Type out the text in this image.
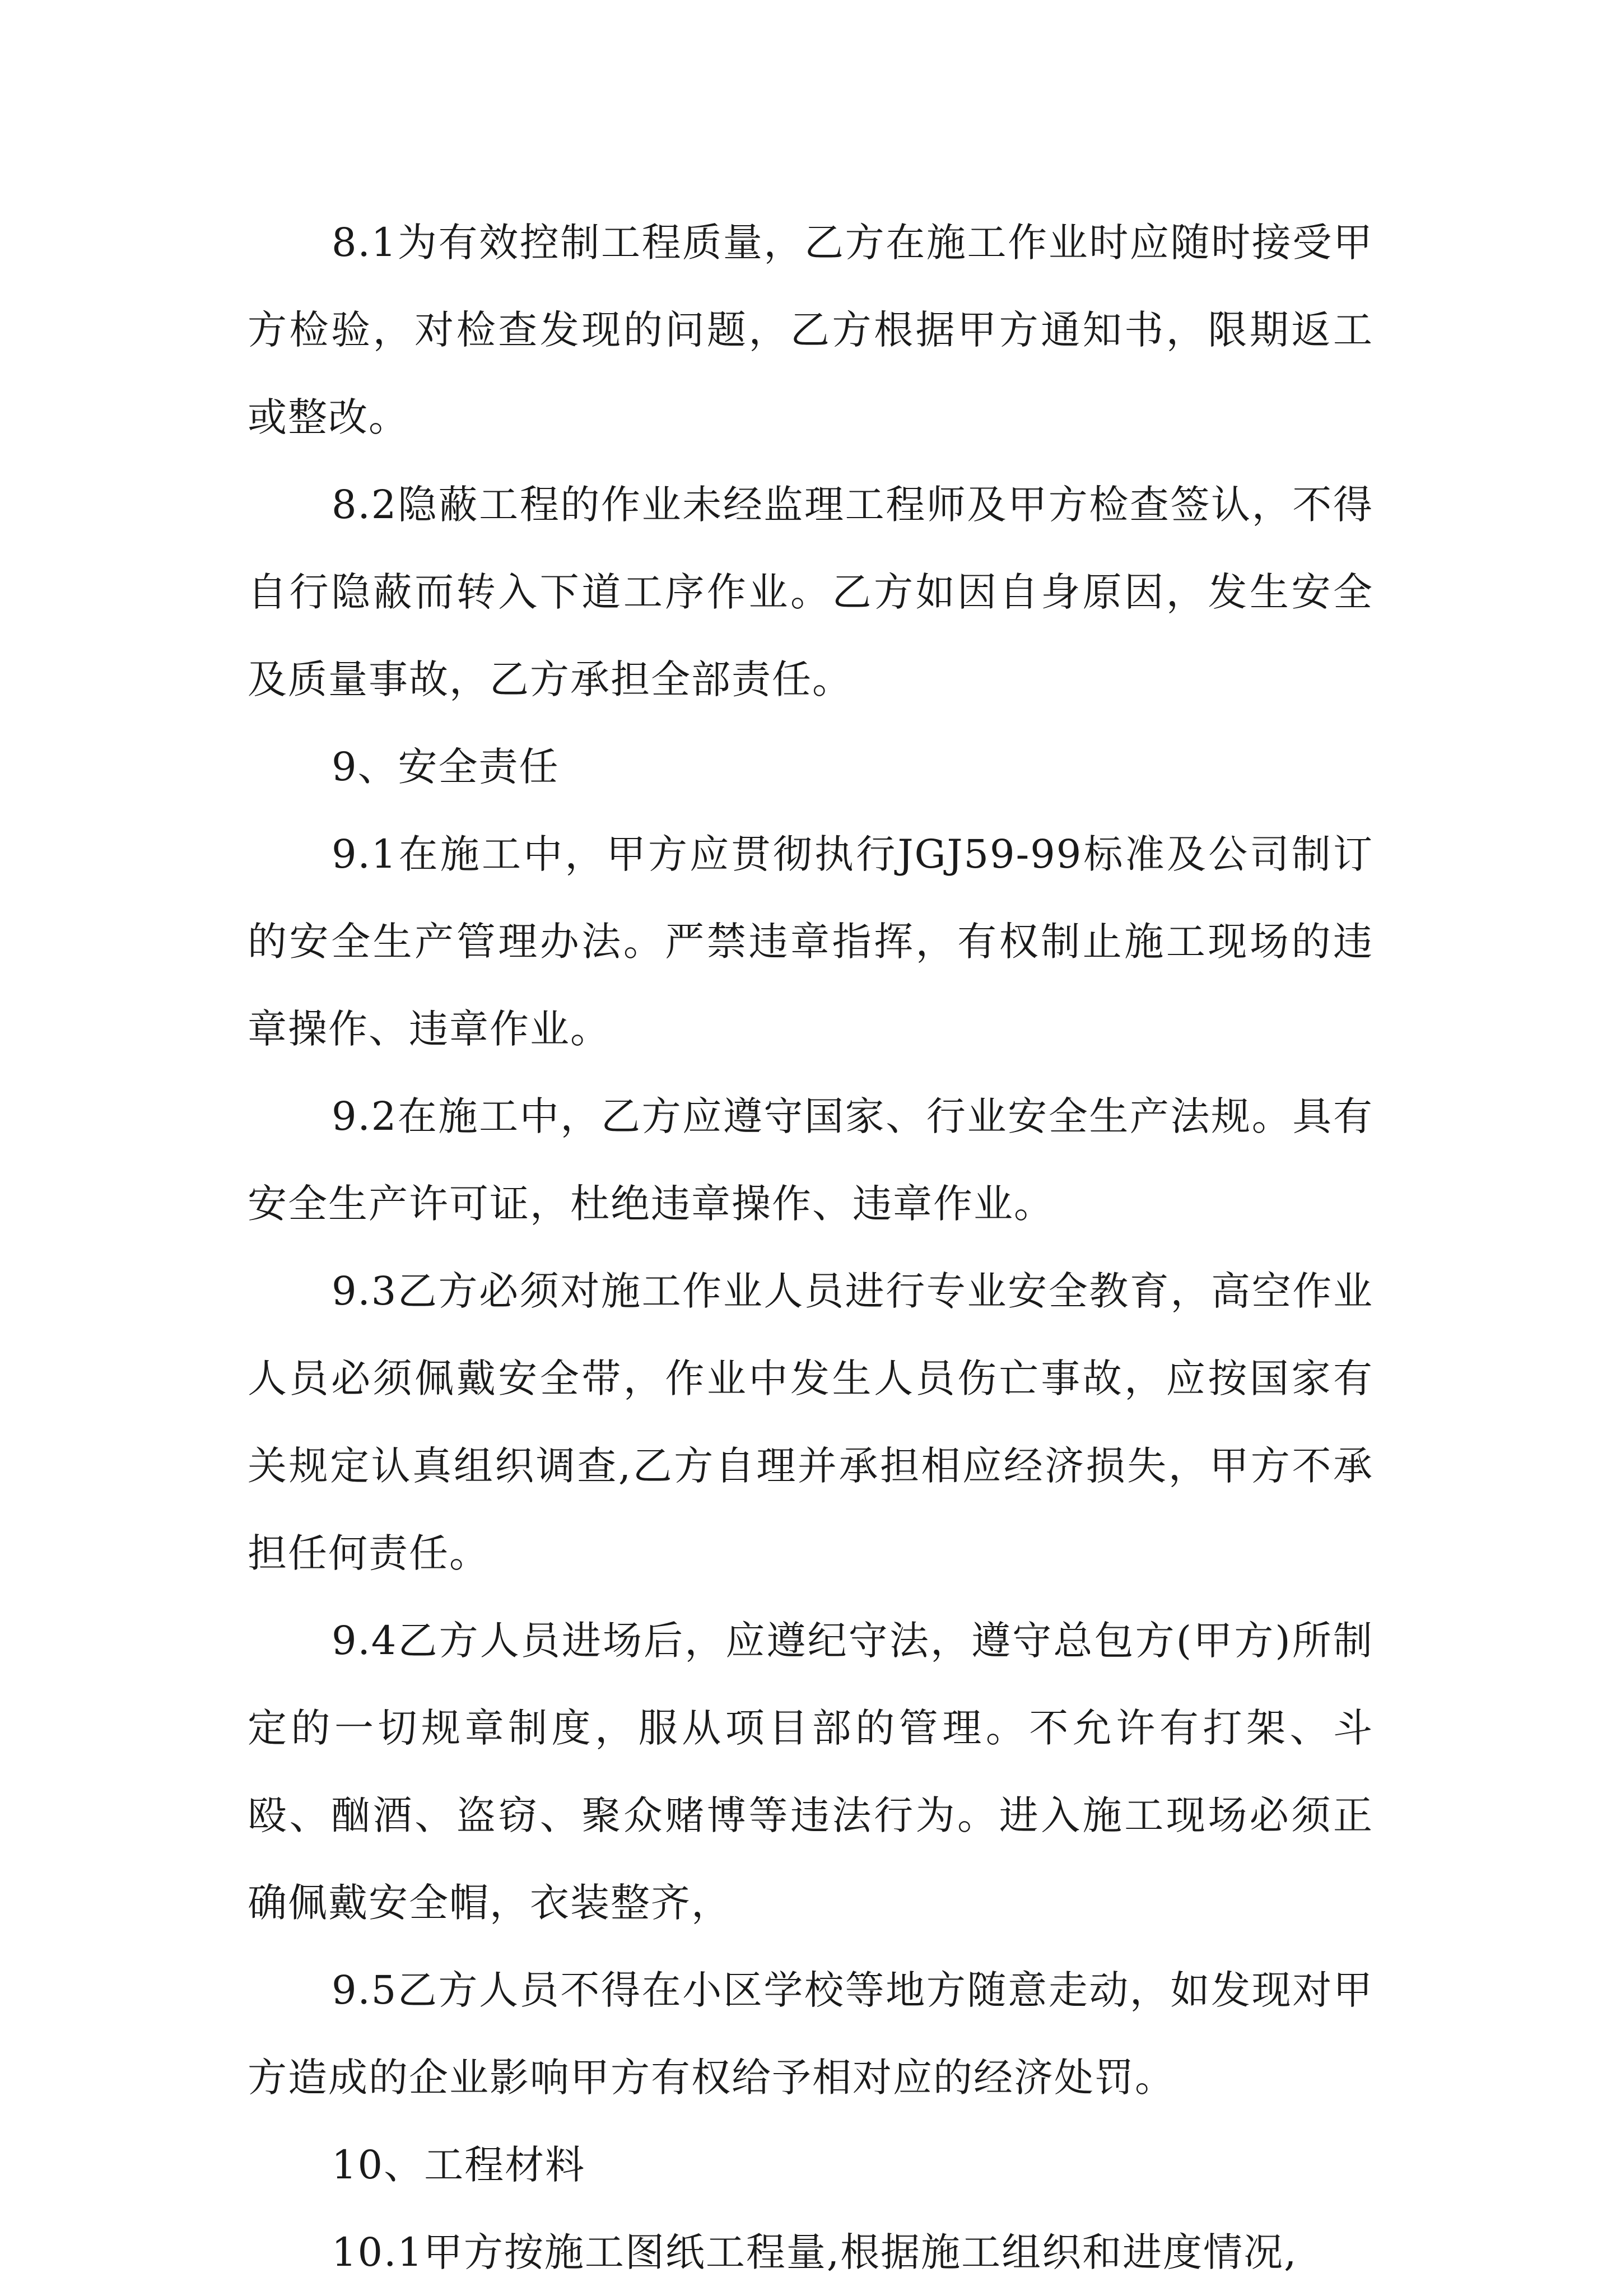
8.1为有效控制工程质量，乙方在施工作业时应随时接受甲方检验，对检查发现的问题，乙方根据甲方通知书，限期返工或整改。

8.2隐蔽工程的作业未经监理工程师及甲方检查签认，不得自行隐蔽而转入下道工序作业。乙方如因自身原因，发生安全及质量事故，乙方承担全部责任。

9、安全责任

9.1在施工中，甲方应贯彻执行JGJ59-99标准及公司制订的安全生产管理办法。严禁违章指挥，有权制止施工现场的违章操作、违章作业。

9.2在施工中，乙方应遵守国家、行业安全生产法规。具有安全生产许可证，杜绝违章操作、违章作业。

9.3乙方必须对施工作业人员进行专业安全教育，高空作业人员必须佩戴安全带，作业中发生人员伤亡事故，应按国家有关规定认真组织调查,乙方自理并承担相应经济损失，甲方不承担任何责任。

9.4乙方人员进场后，应遵纪守法，遵守总包方(甲方)所制定的一切规章制度，服从项目部的管理。不允许有打架、斗殴、酗酒、盗窃、聚众赌博等违法行为。进入施工现场必须正确佩戴安全帽，衣装整齐，

9.5乙方人员不得在小区学校等地方随意走动，如发现对甲方造成的企业影响甲方有权给予相对应的经济处罚。

10、工程材料

10.1甲方按施工图纸工程量,根据施工组织和进度情况,
